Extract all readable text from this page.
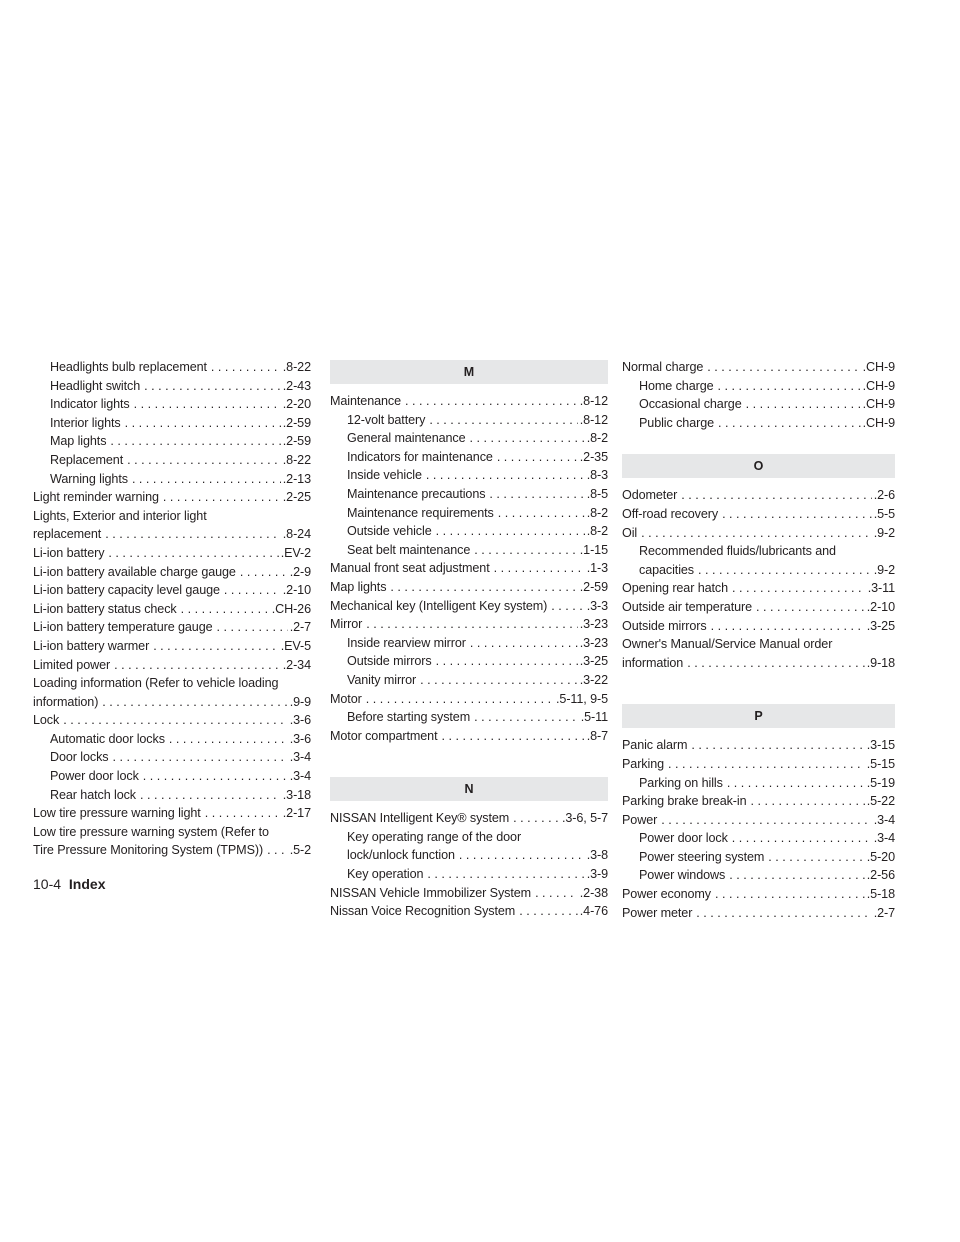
Headlights bulb replacement . . .	.8-22
Headlight switch . . .	.2-43
Indicator lights . . .	.2-20
Interior lights . . .	.2-59
Map lights . . .	.2-59
Replacement . . .	.8-22
Warning lights . . .	.2-13
Light reminder warning . . .	.2-25
Lights, Exterior and interior light
replacement . . .	.8-24
Li-ion battery . . .	.EV-2
Li-ion battery available charge gauge . . .	.2-9
Li-ion battery capacity level gauge . . .	.2-10
Li-ion battery status check . . .	.CH-26
Li-ion battery temperature gauge . . .	.2-7
Li-ion battery warmer . . .	.EV-5
Limited power . . .	.2-34
Loading information (Refer to vehicle loading
information) . . .	.9-9
Lock . . .	.3-6
Automatic door locks . . .	.3-6
Door locks . . .	.3-4
Power door lock . . .	.3-4
Rear hatch lock . . .	.3-18
Low tire pressure warning light . . .	.2-17
Low tire pressure warning system (Refer to
Tire Pressure Monitoring System (TPMS)) . . . .5-2
M
Maintenance . . .	.8-12
12-volt battery . . .	.8-12
General maintenance . . .	.8-2
Indicators for maintenance . . .	.2-35
Inside vehicle . . .	.8-3
Maintenance precautions . . .	.8-5
Maintenance requirements . . .	.8-2
Outside vehicle . . .	.8-2
Seat belt maintenance . . .	.1-15
Manual front seat adjustment . . .	.1-3
Map lights . . .	.2-59
Mechanical key (Intelligent Key system) . . .	.3-3
Mirror . . .	.3-23
Inside rearview mirror . . .	.3-23
Outside mirrors . . .	.3-25
Vanity mirror . . .	.3-22
Motor . . .	.5-11, 9-5
Before starting system . . .	.5-11
Motor compartment . . .	.8-7
N
NISSAN Intelligent Key® system . . .	.3-6, 5-7
Key operating range of the door
lock/unlock function . . .	.3-8
Key operation . . .	.3-9
NISSAN Vehicle Immobilizer System . . .	.2-38
Nissan Voice Recognition System . . .	.4-76
Normal charge . . .	.CH-9
Home charge . . .	.CH-9
Occasional charge . . .	.CH-9
Public charge . . .	.CH-9
O
Odometer . . .	.2-6
Off-road recovery . . .	.5-5
Oil . . .	.9-2
Recommended fluids/lubricants and
capacities . . .	.9-2
Opening rear hatch . . .	.3-11
Outside air temperature . . .	.2-10
Outside mirrors . . .	.3-25
Owner's Manual/Service Manual order
information . . .	.9-18
P
Panic alarm . . .	.3-15
Parking . . .	.5-15
Parking on hills . . .	.5-19
Parking brake break-in . . .	.5-22
Power . . .	.3-4
Power door lock . . .	.3-4
Power steering system . . .	.5-20
Power windows . . .	.2-56
Power economy . . .	.5-18
Power meter . . .	.2-7
10-4 Index
